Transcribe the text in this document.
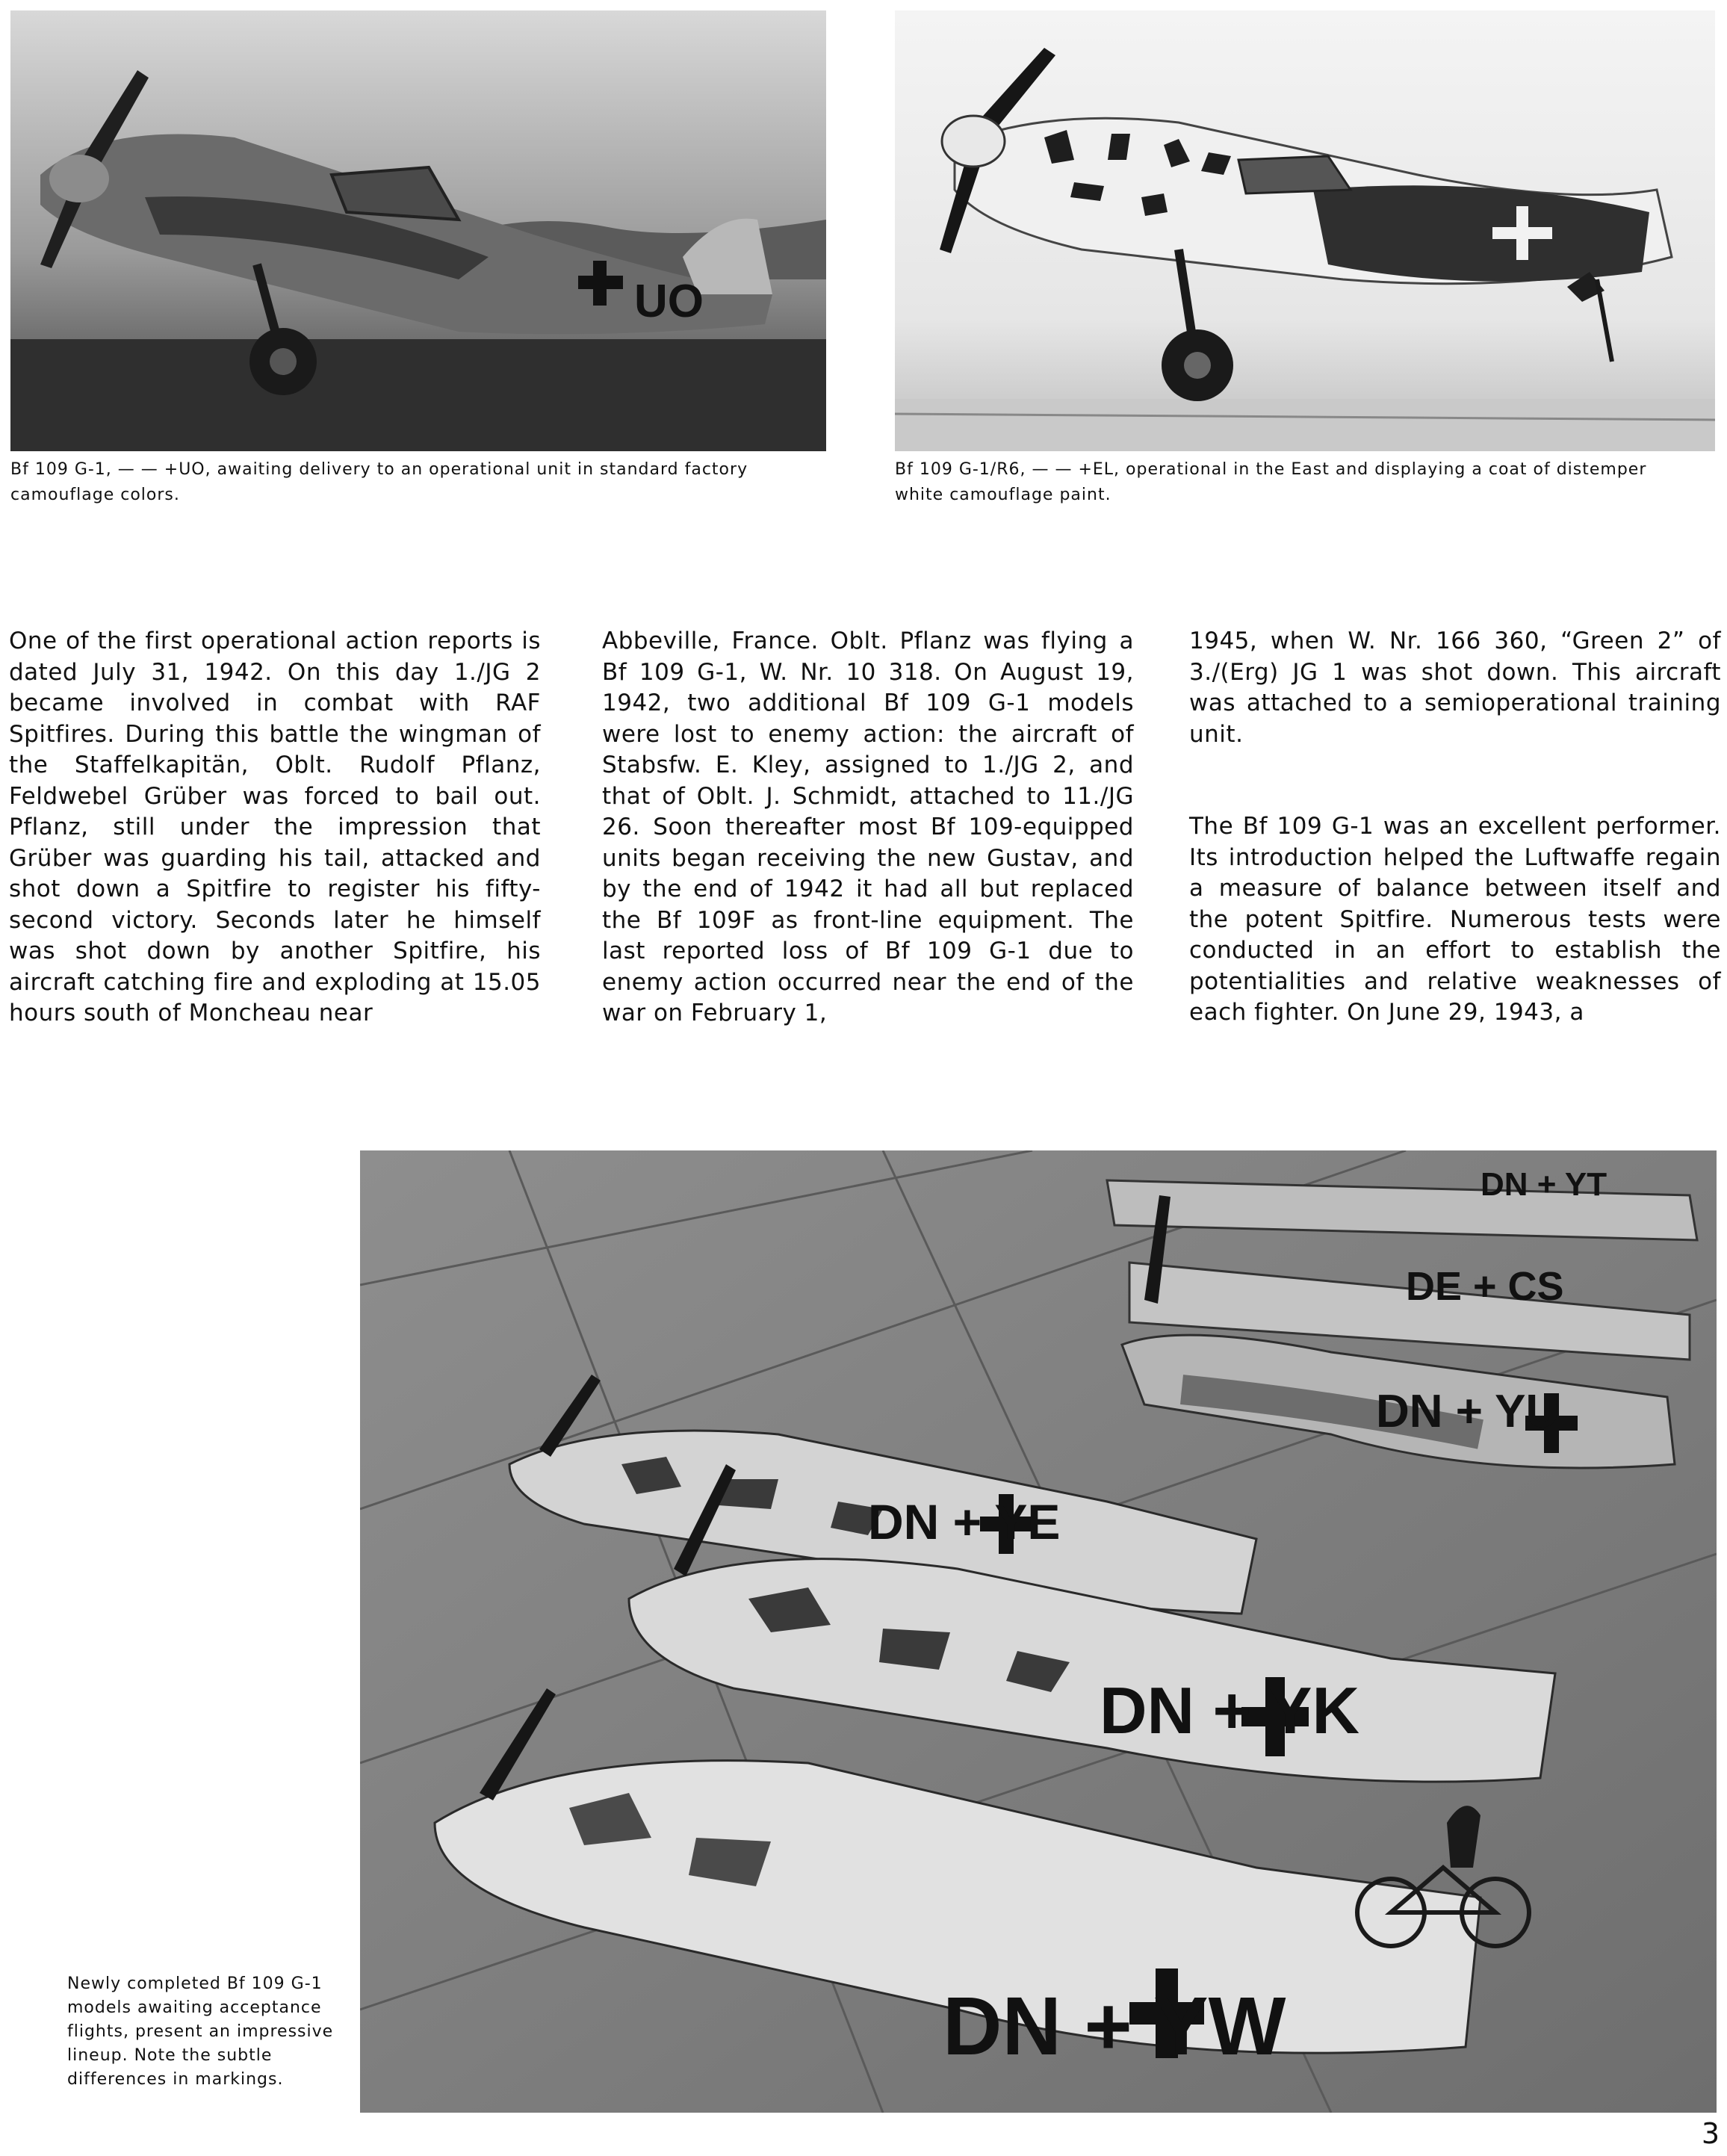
UO

Bf 109 G-1, — — +UO, awaiting delivery to an operational unit in standard factory camouflage colors.

Bf 109 G-1/R6, — — +EL, operational in the East and displaying a coat of distemper white camouflage paint.

One of the first operational action reports is dated July 31, 1942. On this day 1./JG 2 became involved in combat with RAF Spitfires. During this battle the wingman of the Staffelkapitän, Oblt. Rudolf Pflanz, Feldwebel Grüber was forced to bail out. Pflanz, still under the impression that Grüber was guarding his tail, attacked and shot down a Spitfire to register his fifty-second victory. Seconds later he himself was shot down by another Spitfire, his aircraft catching fire and exploding at 15.05 hours south of Moncheau near

Abbeville, France. Oblt. Pflanz was flying a Bf 109 G-1, W. Nr. 10 318. On August 19, 1942, two additional Bf 109 G-1 models were lost to enemy action: the aircraft of Stabsfw. E. Kley, assigned to 1./JG 2, and that of Oblt. J. Schmidt, attached to 11./JG 26. Soon thereafter most Bf 109-equipped units began receiving the new Gustav, and by the end of 1942 it had all but replaced the Bf 109F as front-line equipment. The last reported loss of Bf 109 G-1 due to enemy action occurred near the end of the war on February 1,

1945, when W. Nr. 166 360, “Green 2” of 3./(Erg) JG 1 was shot down. This aircraft was attached to a semioperational training unit.

The Bf 109 G-1 was an excellent performer. Its introduction helped the Luftwaffe regain a measure of balance between itself and the potent Spitfire. Numerous tests were conducted in an effort to establish the potentialities and relative weaknesses of each fighter. On June 29, 1943, a

DN + YT
DE + CS
DN + YU
DN + YE
DN + YK
DN + YW

Newly completed Bf 109 G-1 models awaiting acceptance flights, present an impressive lineup. Note the subtle differences in markings.

3
